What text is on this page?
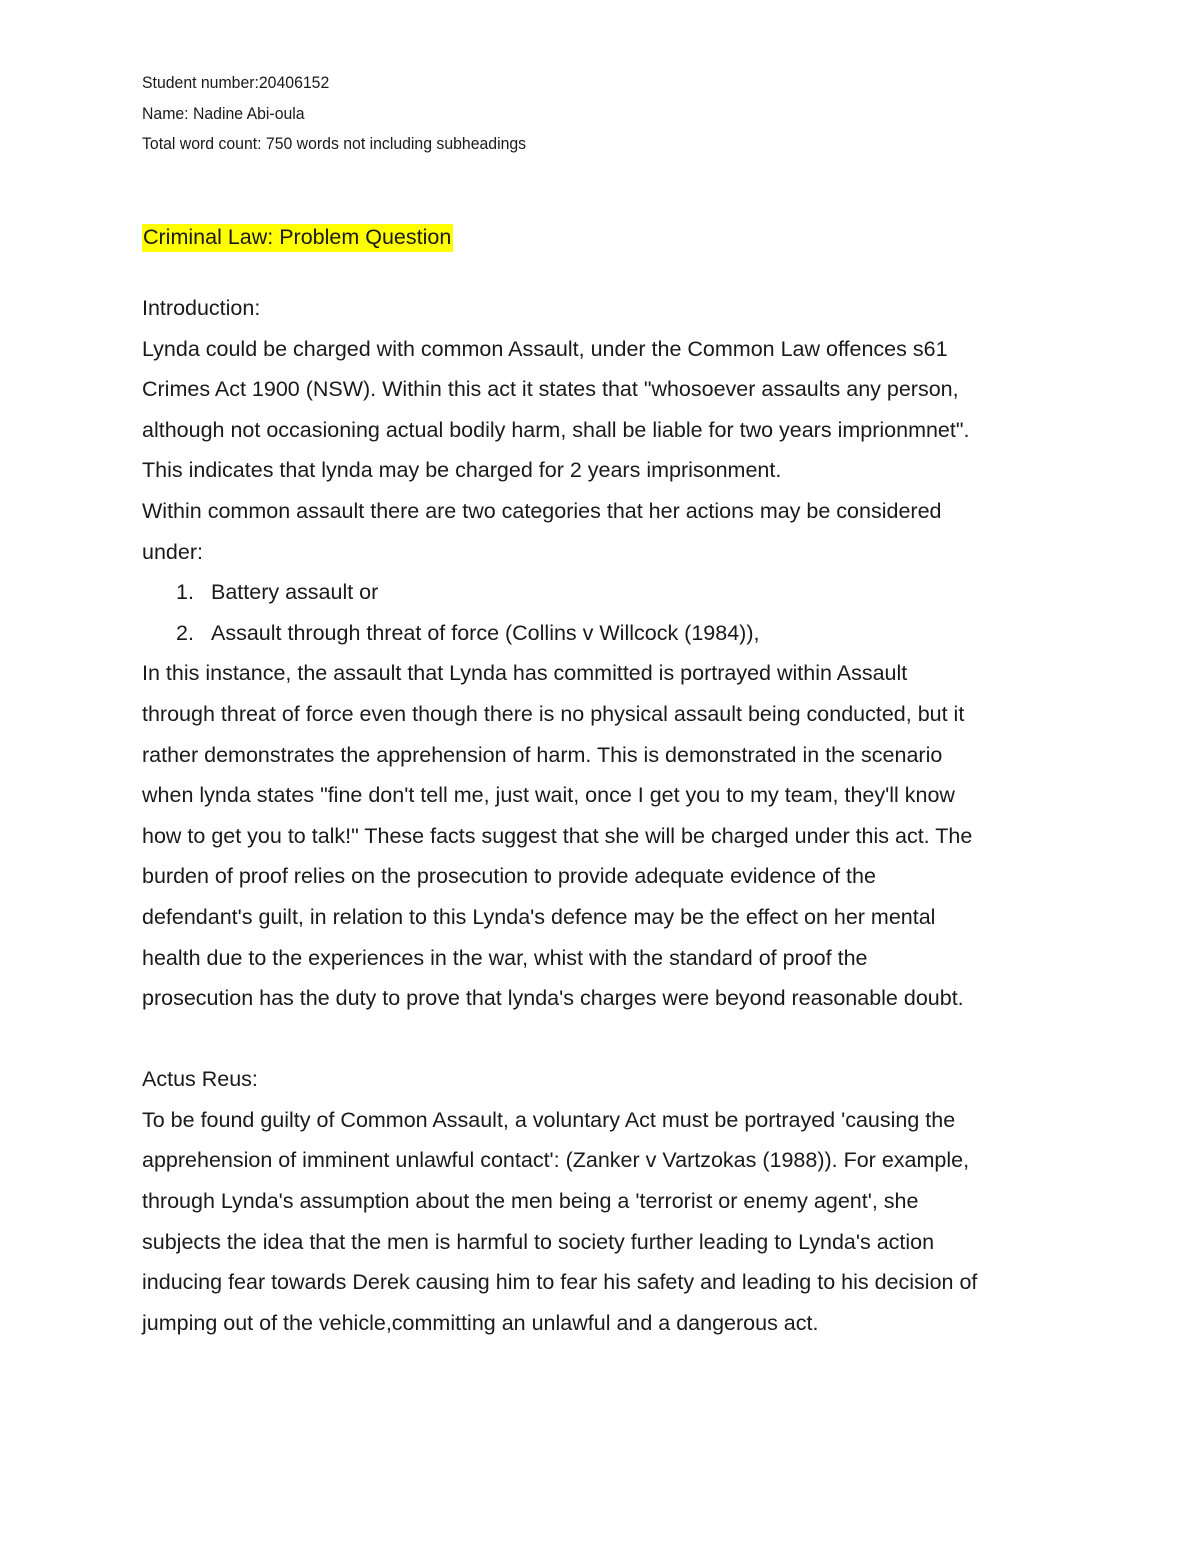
Student number:20406152

Name: Nadine Abi-oula

Total word count: 750 words not including subheadings

Criminal Law: Problem Question

Introduction:

Lynda could be charged with common Assault, under the Common Law offences s61

Crimes Act 1900 (NSW). Within this act it states that "whosoever assaults any person,

although not occasioning actual bodily harm, shall be liable for two years imprionmnet".

This indicates that lynda may be charged for 2 years imprisonment.

Within common assault there are two categories that her actions may be considered

under:

1. Battery assault or

2. Assault through threat of force (Collins v Willcock (1984)),

In this instance, the assault that Lynda has committed is portrayed within Assault

through threat of force even though there is no physical assault being conducted, but it

rather demonstrates the apprehension of harm. This is demonstrated in the scenario

when lynda states "fine don't tell me, just wait, once I get you to my team, they'll know

how to get you to talk!" These facts suggest that she will be charged under this act. The

burden of proof relies on the prosecution to provide adequate evidence of the

defendant's guilt, in relation to this Lynda's defence may be the effect on her mental

health due to the experiences in the war, whist with the standard of proof the

prosecution has the duty to prove that lynda's charges were beyond reasonable doubt.

Actus Reus:

To be found guilty of Common Assault, a voluntary Act must be portrayed 'causing the

apprehension of imminent unlawful contact': (Zanker v Vartzokas (1988)). For example,

through Lynda's assumption about the men being a 'terrorist or enemy agent', she

subjects the idea that the men is harmful to society further leading to Lynda's action

inducing fear towards Derek causing him to fear his safety and leading to his decision of

jumping out of the vehicle,committing an unlawful and a dangerous act.
